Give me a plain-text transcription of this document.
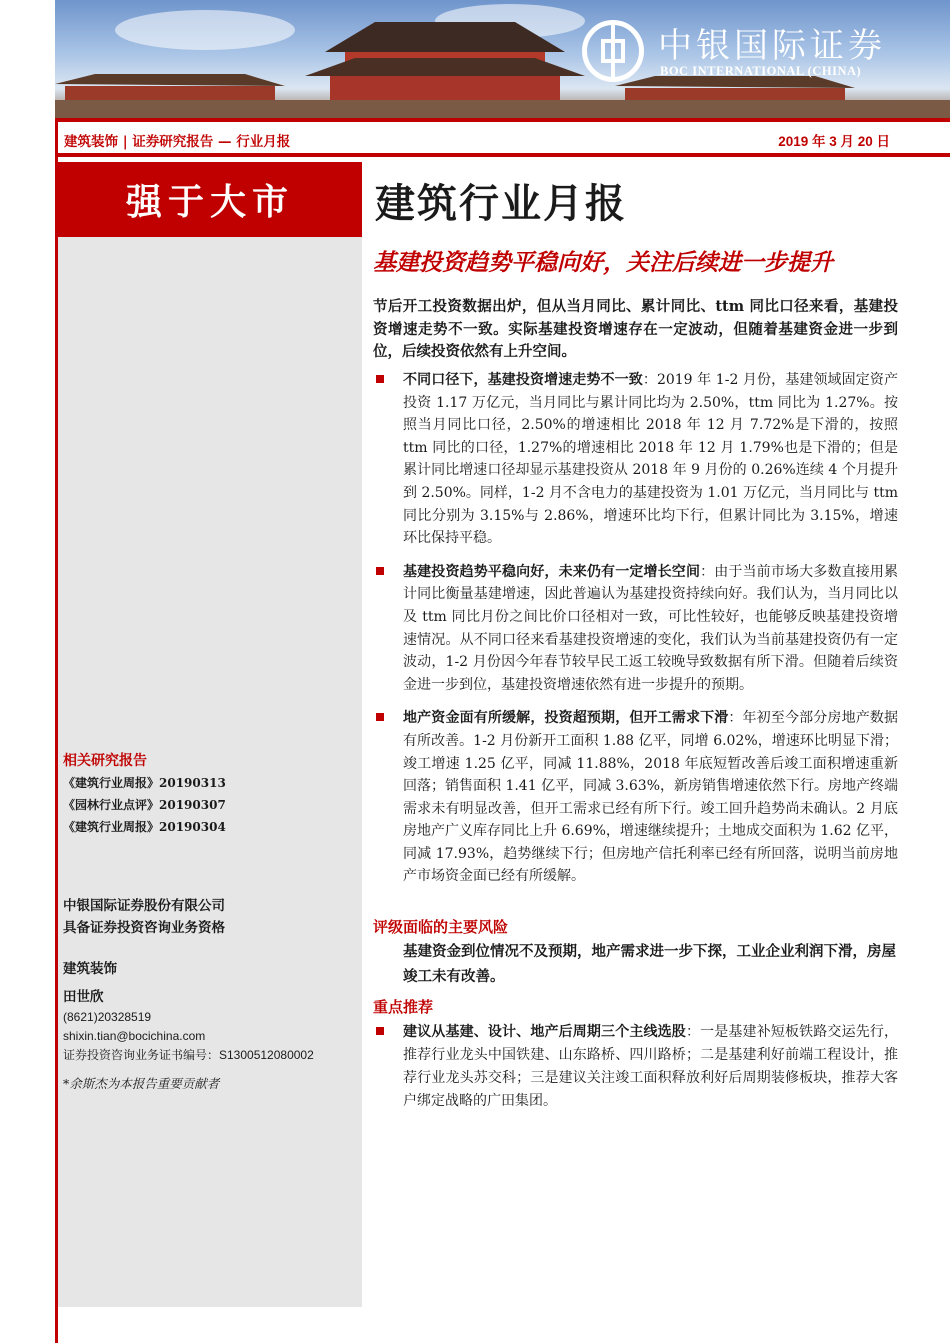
中银国际证券
BOC INTERNATIONAL (CHINA)
建筑装饰 | 证券研究报告 — 行业月报	2019 年 3 月 20 日
强于大市
相关研究报告
《建筑行业周报》20190313
《园林行业点评》20190307
《建筑行业周报》20190304
中银国际证券股份有限公司
具备证券投资咨询业务资格
建筑装饰
田世欣
(8621)20328519
shixin.tian@bocichina.com
证券投资咨询业务证书编号：S1300512080002
*余斯杰为本报告重要贡献者
建筑行业月报
基建投资趋势平稳向好，关注后续进一步提升

节后开工投资数据出炉，但从当月同比、累计同比、ttm 同比口径来看，基建投资增速走势不一致。实际基建投资增速存在一定波动，但随着基建资金进一步到位，后续投资依然有上升空间。

不同口径下，基建投资增速走势不一致：2019 年 1-2 月份，基建领域固定资产投资 1.17 万亿元，当月同比与累计同比均为 2.50%，ttm 同比为 1.27%。按照当月同比口径，2.50%的增速相比 2018 年 12 月 7.72%是下滑的，按照 ttm 同比的口径，1.27%的增速相比 2018 年 12 月 1.79%也是下滑的；但是累计同比增速口径却显示基建投资从 2018 年 9 月份的 0.26%连续 4 个月提升到 2.50%。同样，1-2 月不含电力的基建投资为 1.01 万亿元，当月同比与 ttm 同比分别为 3.15%与 2.86%，增速环比均下行，但累计同比为 3.15%，增速环比保持平稳。
基建投资趋势平稳向好，未来仍有一定增长空间：由于当前市场大多数直接用累计同比衡量基建增速，因此普遍认为基建投资持续向好。我们认为，当月同比以及 ttm 同比月份之间比价口径相对一致，可比性较好，也能够反映基建投资增速情况。从不同口径来看基建投资增速的变化，我们认为当前基建投资仍有一定波动，1-2 月份因今年春节较早民工返工较晚导致数据有所下滑。但随着后续资金进一步到位，基建投资增速依然有进一步提升的预期。
地产资金面有所缓解，投资超预期，但开工需求下滑：年初至今部分房地产数据有所改善。1-2 月份新开工面积 1.88 亿平，同增 6.02%，增速环比明显下滑；竣工增速 1.25 亿平，同减 11.88%，2018 年底短暂改善后竣工面积增速重新回落；销售面积 1.41 亿平，同减 3.63%，新房销售增速依然下行。房地产终端需求未有明显改善，但开工需求已经有所下行。竣工回升趋势尚未确认。2 月底房地产广义库存同比上升 6.69%，增速继续提升；土地成交面积为 1.62 亿平，同减 17.93%，趋势继续下行；但房地产信托利率已经有所回落，说明当前房地产市场资金面已经有所缓解。
评级面临的主要风险

基建资金到位情况不及预期，地产需求进一步下探，工业企业利润下滑，房屋竣工未有改善。

重点推荐
建议从基建、设计、地产后周期三个主线选股：一是基建补短板铁路交运先行，推荐行业龙头中国铁建、山东路桥、四川路桥；二是基建利好前端工程设计，推荐行业龙头苏交科；三是建议关注竣工面积释放利好后周期装修板块，推荐大客户绑定战略的广田集团。
